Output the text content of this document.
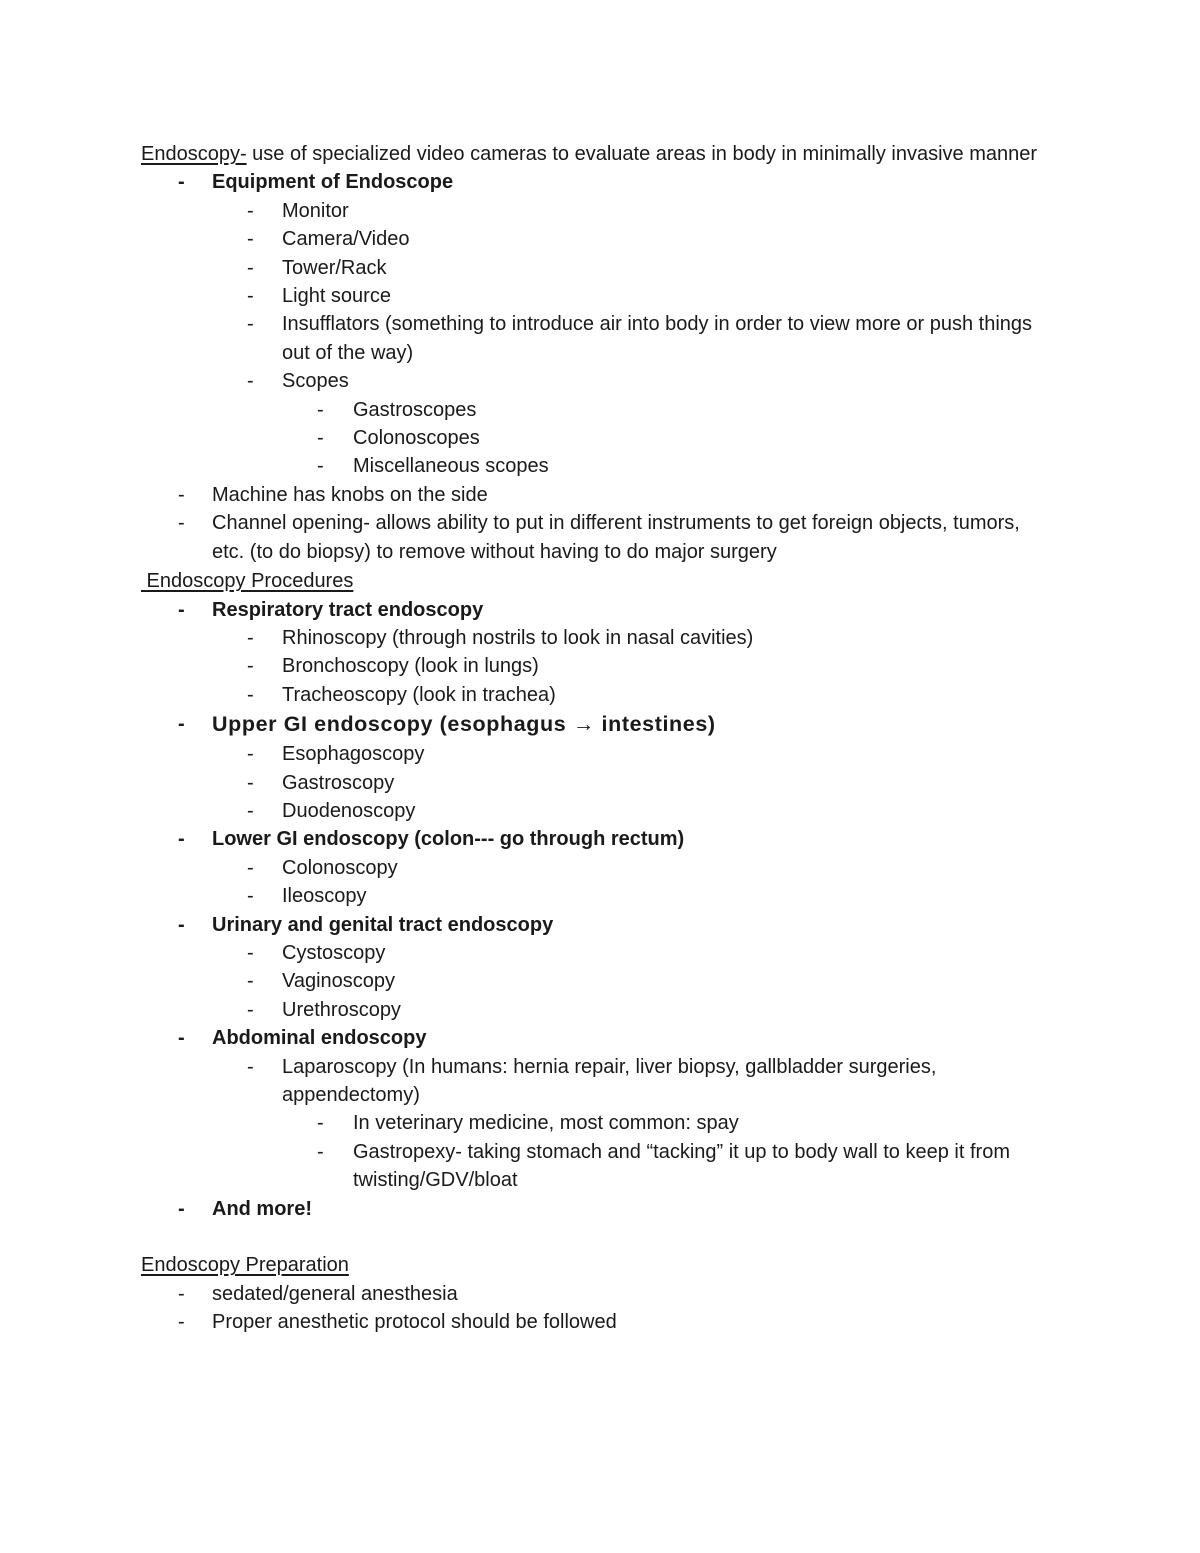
Endoscopy- use of specialized video cameras to evaluate areas in body in minimally invasive manner

- Equipment of Endoscope
- Monitor
- Camera/Video
- Tower/Rack
- Light source
- Insufflators (something to introduce air into body in order to view more or push things out of the way)
- Scopes
- Gastroscopes
- Colonoscopes
- Miscellaneous scopes
- Machine has knobs on the side
- Channel opening- allows ability to put in different instruments to get foreign objects, tumors, etc. (to do biopsy) to remove without having to do major surgery

Endoscopy Procedures

- Respiratory tract endoscopy
- Rhinoscopy (through nostrils to look in nasal cavities)
- Bronchoscopy (look in lungs)
- Tracheoscopy (look in trachea)
- Upper GI endoscopy (esophagus → intestines)
- Esophagoscopy
- Gastroscopy
- Duodenoscopy
- Lower GI endoscopy (colon--- go through rectum)
- Colonoscopy
- Ileoscopy
- Urinary and genital tract endoscopy
- Cystoscopy
- Vaginoscopy
- Urethroscopy
- Abdominal endoscopy
- Laparoscopy (In humans: hernia repair, liver biopsy, gallbladder surgeries, appendectomy)
- In veterinary medicine, most common: spay
- Gastropexy- taking stomach and “tacking” it up to body wall to keep it from twisting/GDV/bloat
- And more!

Endoscopy Preparation

- sedated/general anesthesia
- Proper anesthetic protocol should be followed
